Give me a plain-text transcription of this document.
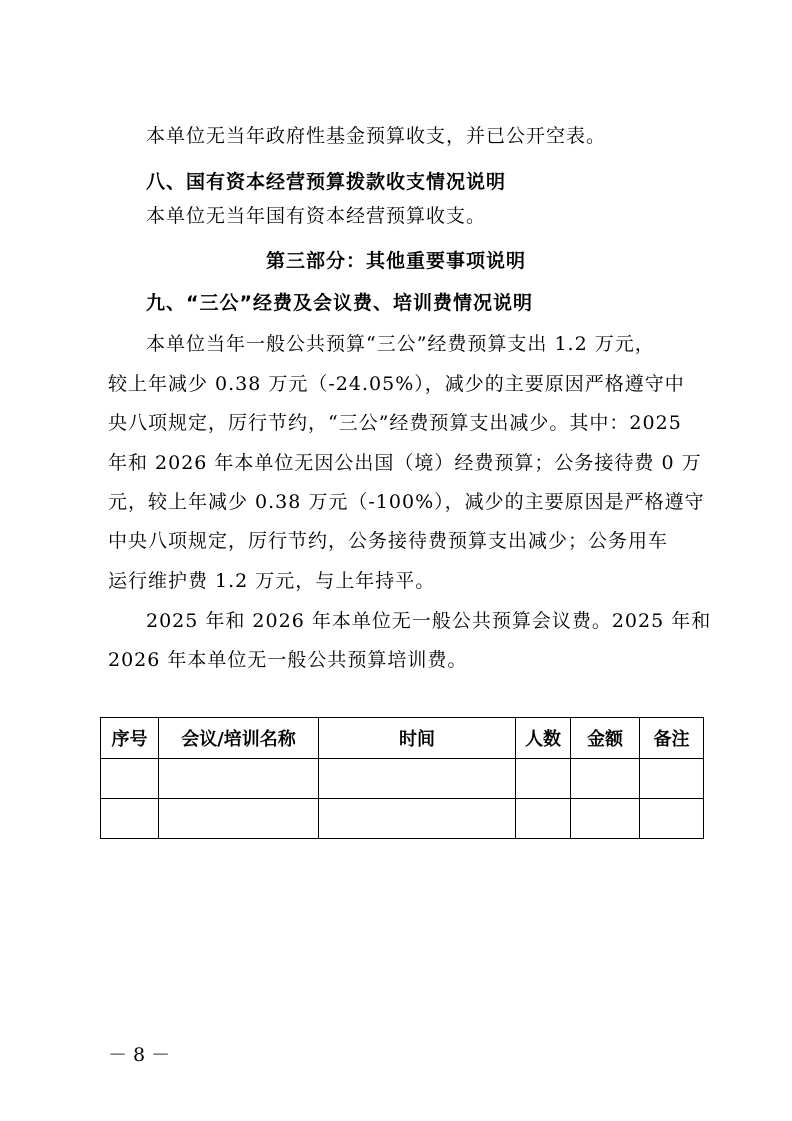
本单位无当年政府性基金预算收支，并已公开空表。
八、国有资本经营预算拨款收支情况说明
本单位无当年国有资本经营预算收支。
第三部分：其他重要事项说明
九、“三公”经费及会议费、培训费情况说明
本单位当年一般公共预算“三公”经费预算支出 1.2 万元，
较上年减少 0.38 万元（-24.05%），减少的主要原因严格遵守中
央八项规定，厉行节约，“三公”经费预算支出减少。其中：2025
年和 2026 年本单位无因公出国（境）经费预算；公务接待费 0 万
元，较上年减少 0.38 万元（-100%），减少的主要原因是严格遵守
中央八项规定，厉行节约，公务接待费预算支出减少；公务用车
运行维护费 1.2 万元，与上年持平。
2025 年和 2026 年本单位无一般公共预算会议费。2025 年和
2026 年本单位无一般公共预算培训费。
序号	会议/培训名称	时间	人数	金额	备注

－ 8 －
